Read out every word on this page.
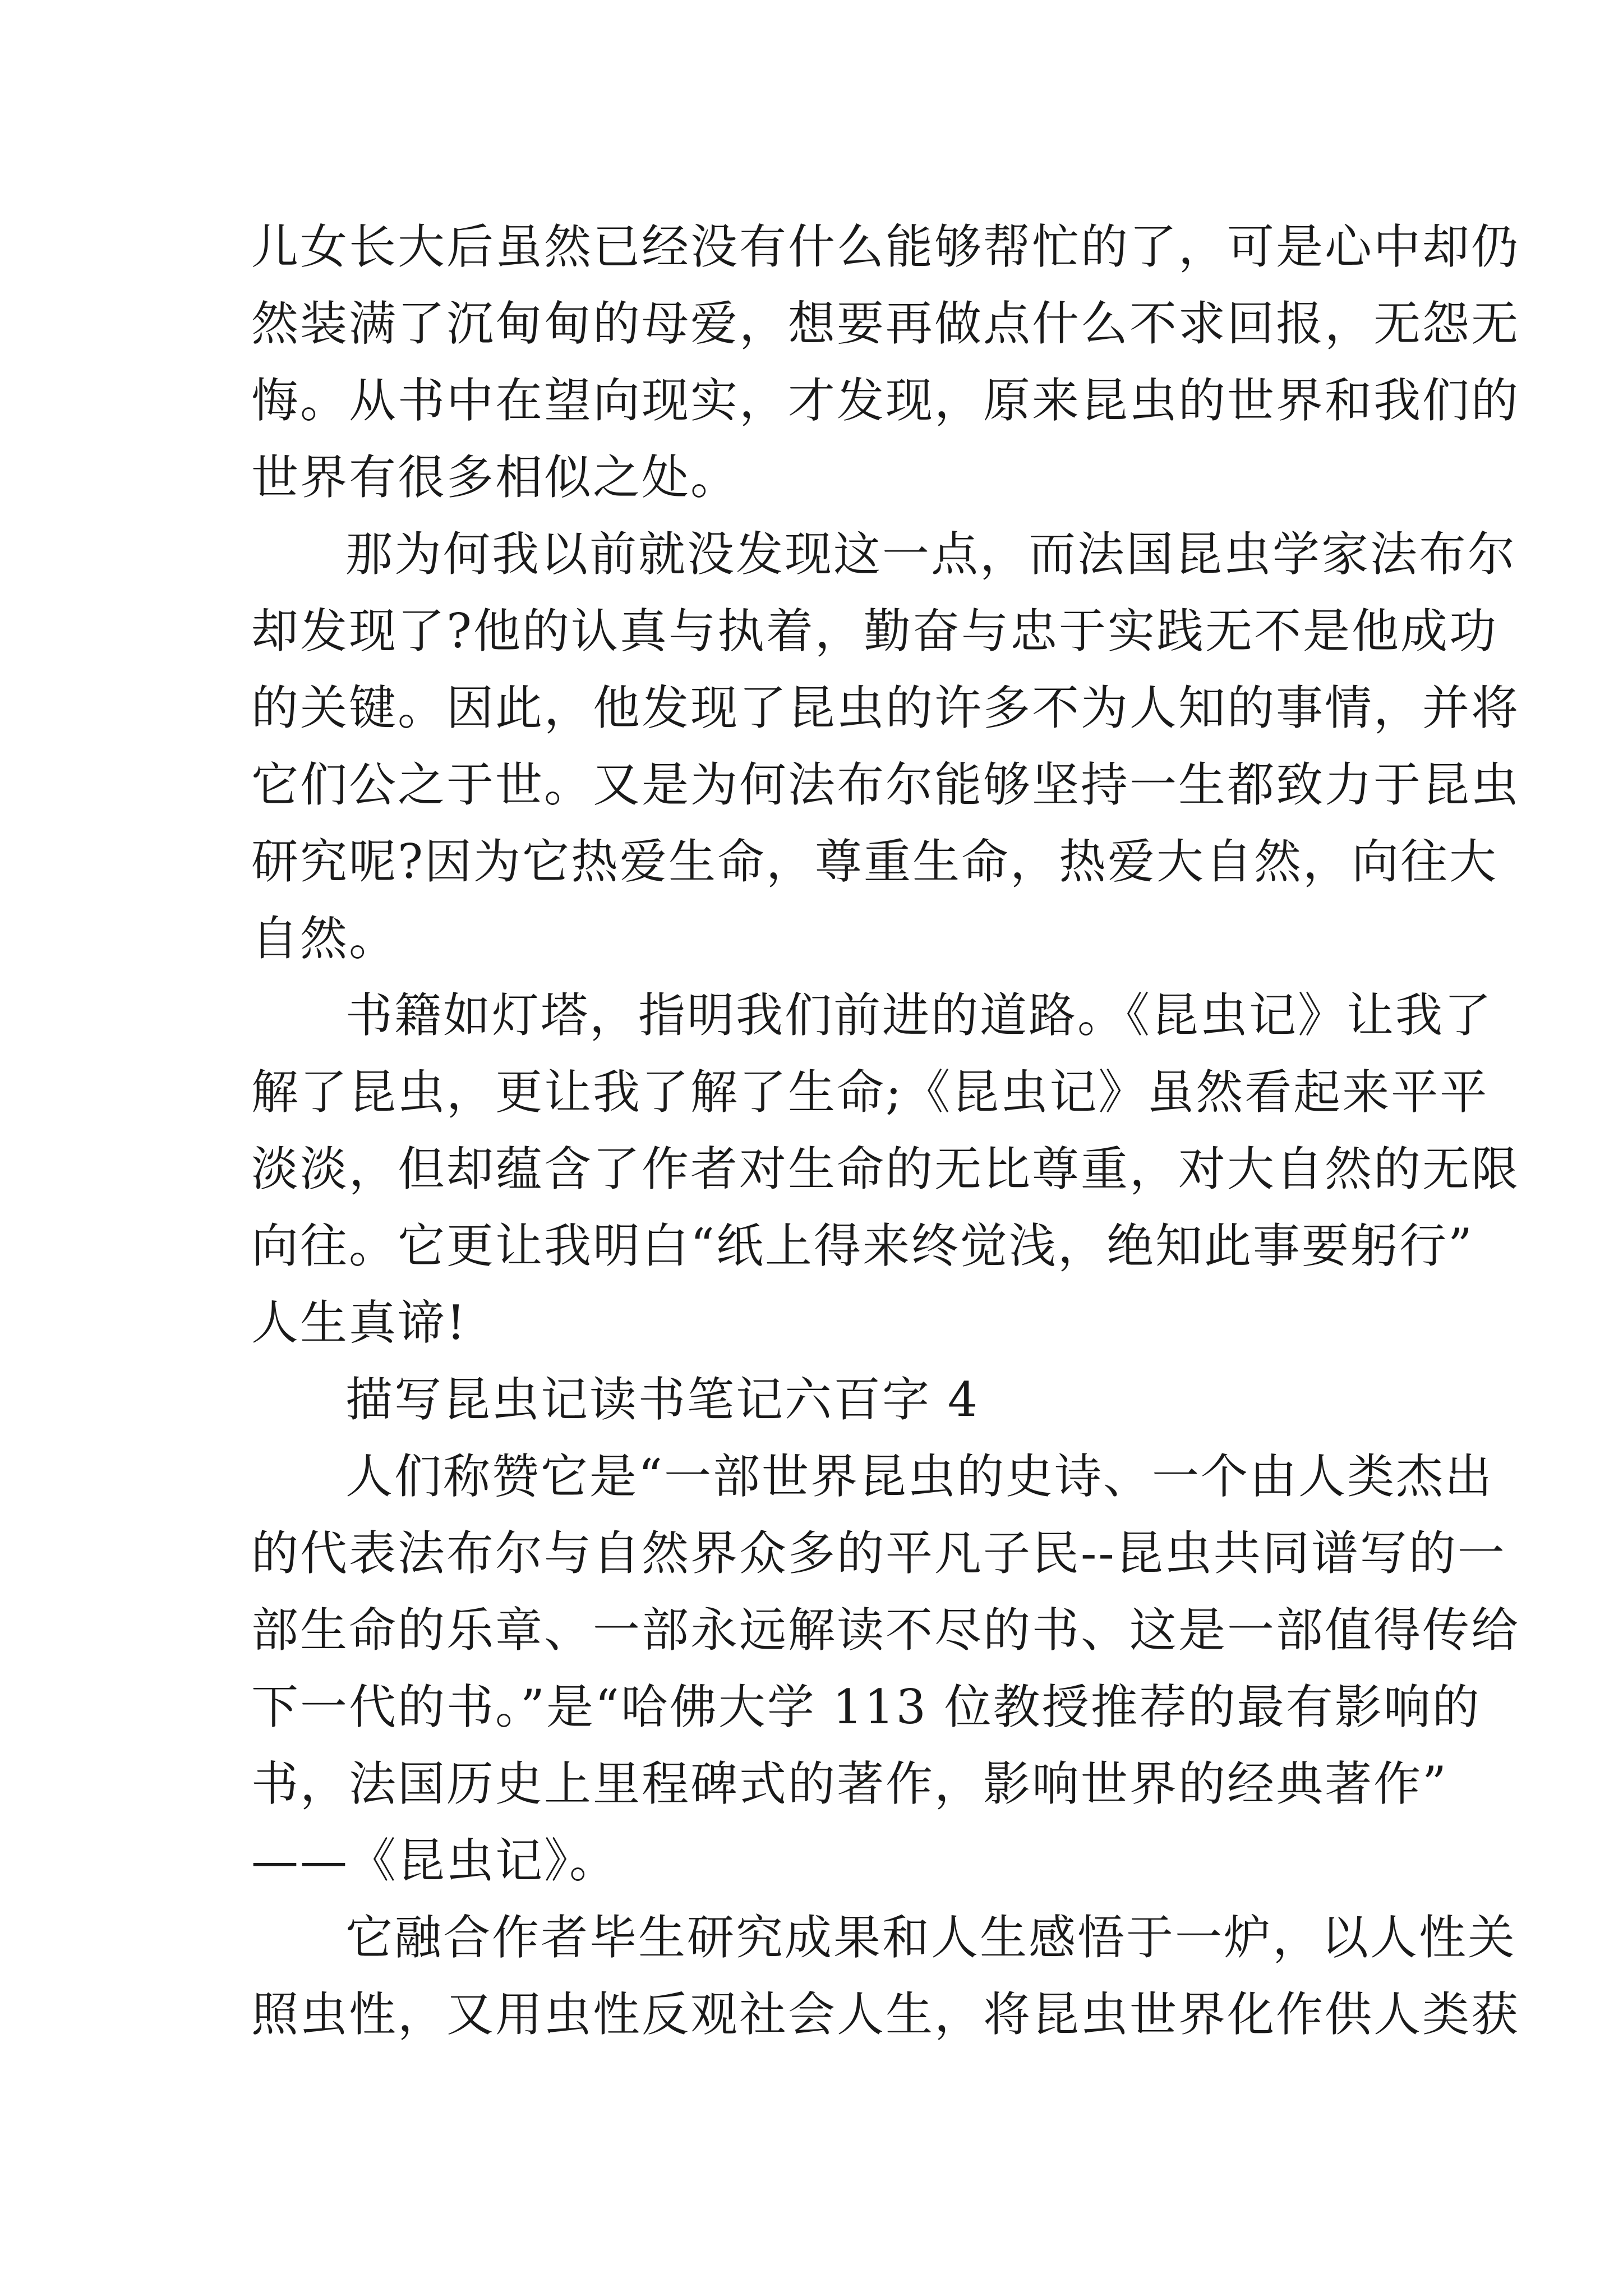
儿女长大后虽然已经没有什么能够帮忙的了，可是心中却仍
然装满了沉甸甸的母爱，想要再做点什么不求回报，无怨无
悔。从书中在望向现实，才发现，原来昆虫的世界和我们的
世界有很多相似之处。
那为何我以前就没发现这一点，而法国昆虫学家法布尔
却发现了?他的认真与执着，勤奋与忠于实践无不是他成功
的关键。因此，他发现了昆虫的许多不为人知的事情，并将
它们公之于世。又是为何法布尔能够坚持一生都致力于昆虫
研究呢?因为它热爱生命，尊重生命，热爱大自然，向往大
自然。
书籍如灯塔，指明我们前进的道路。《昆虫记》让我了
解了昆虫，更让我了解了生命;《昆虫记》虽然看起来平平
淡淡，但却蕴含了作者对生命的无比尊重，对大自然的无限
向往。它更让我明白“纸上得来终觉浅，绝知此事要躬行”
人生真谛!
描写昆虫记读书笔记六百字 4
人们称赞它是“一部世界昆虫的史诗、一个由人类杰出
的代表法布尔与自然界众多的平凡子民--昆虫共同谱写的一
部生命的乐章、一部永远解读不尽的书、这是一部值得传给
下一代的书。”是“哈佛大学 113 位教授推荐的最有影响的
书，法国历史上里程碑式的著作，影响世界的经典著作”
——《昆虫记》。
它融合作者毕生研究成果和人生感悟于一炉，以人性关
照虫性，又用虫性反观社会人生，将昆虫世界化作供人类获
